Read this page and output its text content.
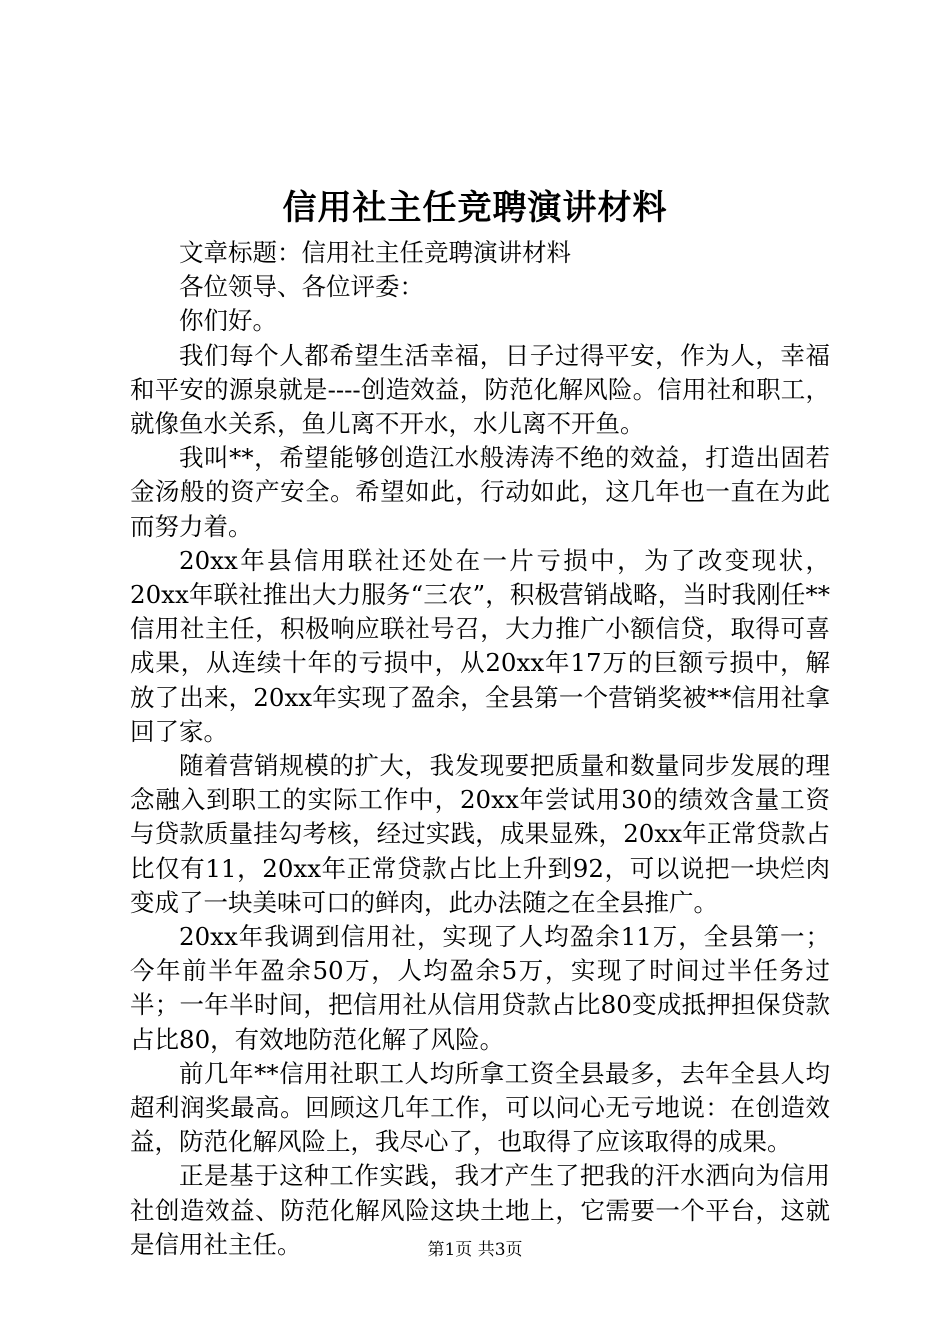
信用社主任竞聘演讲材料

文章标题：信用社主任竞聘演讲材料

各位领导、各位评委：

你们好。

我们每个人都希望生活幸福，日子过得平安，作为人，幸福和平安的源泉就是----创造效益，防范化解风险。信用社和职工，就像鱼水关系，鱼儿离不开水，水儿离不开鱼。

我叫**，希望能够创造江水般涛涛不绝的效益，打造出固若金汤般的资产安全。希望如此，行动如此，这几年也一直在为此而努力着。

20xx年县信用联社还处在一片亏损中，为了改变现状，20xx年联社推出大力服务“三农”，积极营销战略，当时我刚任**信用社主任，积极响应联社号召，大力推广小额信贷，取得可喜成果，从连续十年的亏损中，从20xx年17万的巨额亏损中，解放了出来，20xx年实现了盈余，全县第一个营销奖被**信用社拿回了家。

随着营销规模的扩大，我发现要把质量和数量同步发展的理念融入到职工的实际工作中，20xx年尝试用30的绩效含量工资与贷款质量挂勾考核，经过实践，成果显殊，20xx年正常贷款占比仅有11，20xx年正常贷款占比上升到92，可以说把一块烂肉变成了一块美味可口的鲜肉，此办法随之在全县推广。

20xx年我调到信用社，实现了人均盈余11万，全县第一；今年前半年盈余50万，人均盈余5万，实现了时间过半任务过半；一年半时间，把信用社从信用贷款占比80变成抵押担保贷款占比80，有效地防范化解了风险。

前几年**信用社职工人均所拿工资全县最多，去年全县人均超利润奖最高。回顾这几年工作，可以问心无亏地说：在创造效益，防范化解风险上，我尽心了，也取得了应该取得的成果。

正是基于这种工作实践，我才产生了把我的汗水洒向为信用社创造效益、防范化解风险这块土地上，它需要一个平台，这就是信用社主任。	第1页 共3页
